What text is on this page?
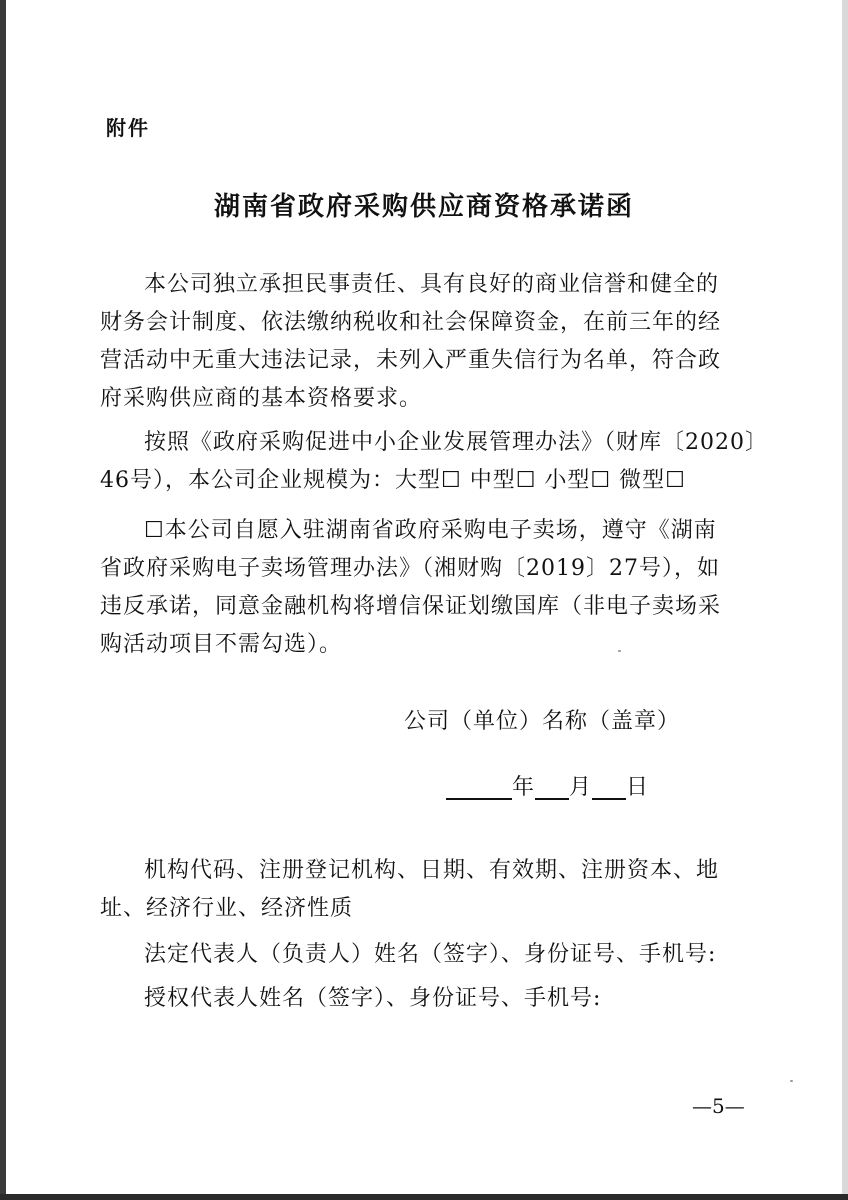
附件
湖南省政府采购供应商资格承诺函
本公司独立承担民事责任、具有良好的商业信誉和健全的
财务会计制度、依法缴纳税收和社会保障资金，在前三年的经
营活动中无重大违法记录，未列入严重失信行为名单，符合政
府采购供应商的基本资格要求。
按照《政府采购促进中小企业发展管理办法》（财库〔2020〕
46号），本公司企业规模为：大型☐ 中型☐ 小型☐ 微型☐
☐本公司自愿入驻湖南省政府采购电子卖场，遵守《湖南
省政府采购电子卖场管理办法》（湘财购〔2019〕27号），如
违反承诺，同意金融机构将增信保证划缴国库（非电子卖场采
购活动项目不需勾选）。
公司（单位）名称（盖章）
年 月 日
机构代码、注册登记机构、日期、有效期、注册资本、地
址、经济行业、经济性质
法定代表人（负责人）姓名（签字）、身份证号、手机号:
授权代表人姓名（签字）、身份证号、手机号:
—5—
